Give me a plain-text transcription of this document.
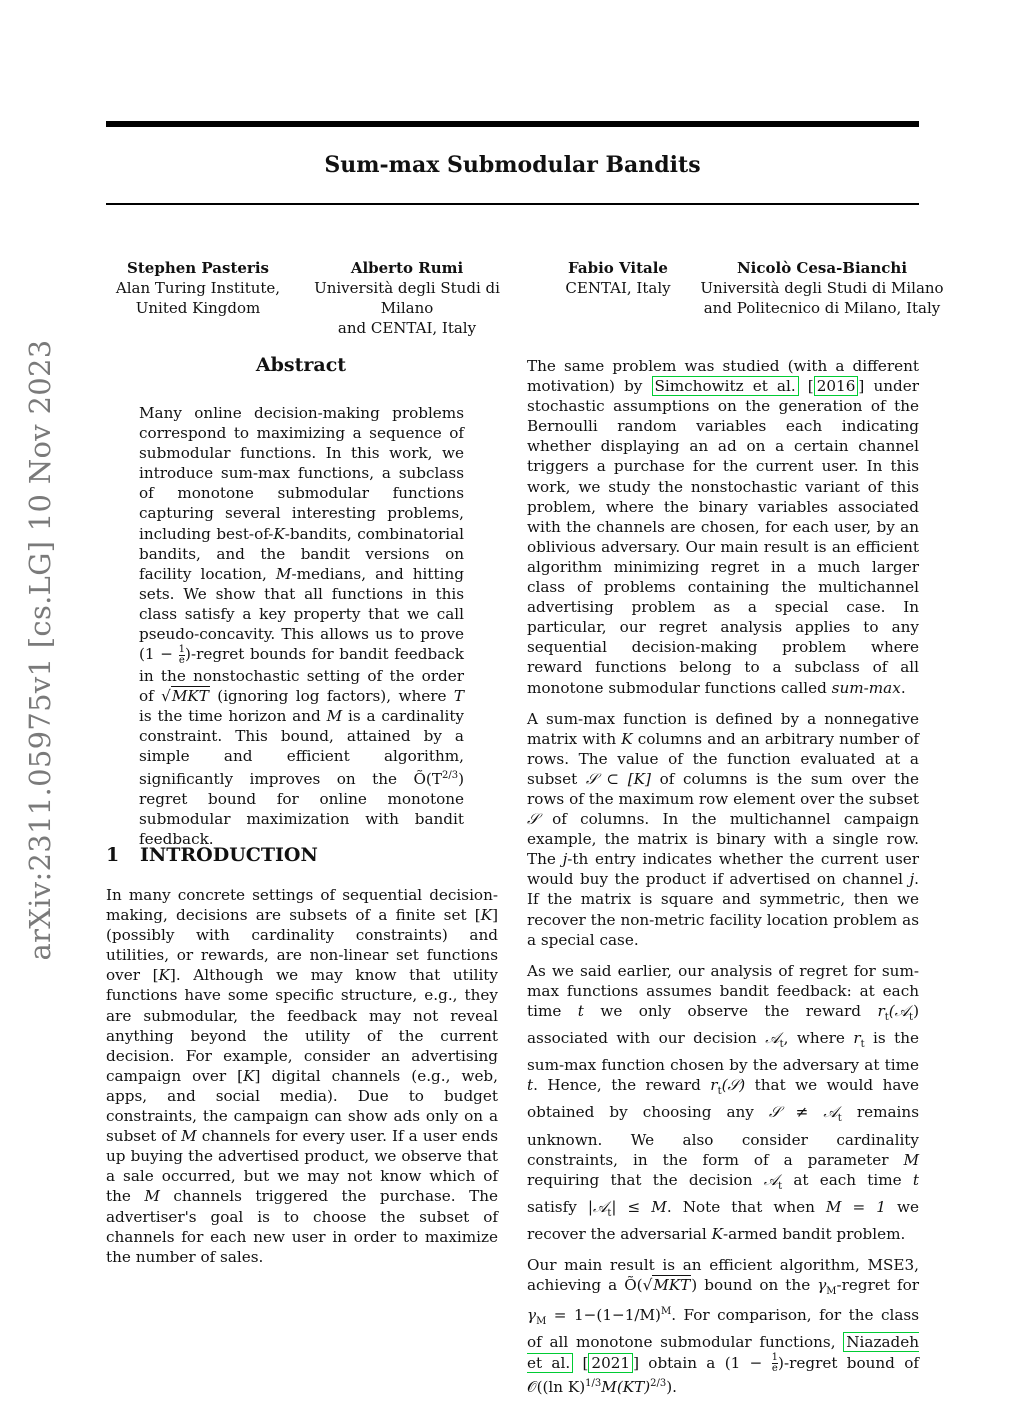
Sum-max Submodular Bandits
Stephen Pasteris
Alan Turing Institute,
United Kingdom
Alberto Rumi
Università degli Studi di Milano
and CENTAI, Italy
Fabio Vitale
CENTAI, Italy
Nicolò Cesa-Bianchi
Università degli Studi di Milano
and Politecnico di Milano, Italy
arXiv:2311.05975v1 [cs.LG] 10 Nov 2023	Abstract

Many online decision-making problems correspond to maximizing a sequence of submodular functions. In this work, we introduce sum-max functions, a subclass of monotone submodular functions capturing several interesting problems, including best-of-K-bandits, combinatorial bandits, and the bandit versions on facility location, M-medians, and hitting sets. We show that all functions in this class satisfy a key property that we call pseudo-concavity. This allows us to prove ($1 - \frac{1}{e}$ )-regret bounds for bandit feedback in the nonstochastic setting of the order of √MKT (ignoring log factors), where T is the time horizon and M is a cardinality constraint. This bound, attained by a simple and efficient algorithm, significantly improves on the $Õ(T^{2/3})$ regret bound for online monotone submodular maximization with bandit feedback.

1 INTRODUCTION

In many concrete settings of sequential decision-making, decisions are subsets of a finite set [K] (possibly with cardinality constraints) and utilities, or rewards, are non-linear set functions over [K]. Although we may know that utility functions have some specific structure, e.g., they are submodular, the feedback may not reveal anything beyond the utility of the current decision. For example, consider an advertising campaign over [K] digital channels (e.g., web, apps, and social media). Due to budget constraints, the campaign can show ads only on a subset of M channels for every user. If a user ends up buying the advertised product, we observe that a sale occurred, but we may not know which of the M channels triggered the purchase. The advertiser's goal is to choose the subset of channels for each new user in order to maximize the number of sales.

The same problem was studied (with a different motivation) by Simchowitz et al. [ 2016 ] under stochastic assumptions on the generation of the Bernoulli random variables each indicating whether displaying an ad on a certain channel triggers a purchase for the current user. In this work, we study the nonstochastic variant of this problem, where the binary variables associated with the channels are chosen, for each user, by an oblivious adversary. Our main result is an efficient algorithm minimizing regret in a much larger class of problems containing the multichannel advertising problem as a special case. In particular, our regret analysis applies to any sequential decision-making problem where reward functions belong to a subclass of all monotone submodular functions called sum-max.

A sum-max function is defined by a nonnegative matrix with K columns and an arbitrary number of rows. The value of the function evaluated at a subset 𝒮 ⊂ [K] of columns is the sum over the rows of the maximum row element over the subset 𝒮 of columns. In the multichannel campaign example, the matrix is binary with a single row. The j-th entry indicates whether the current user would buy the product if advertised on channel j. If the matrix is square and symmetric, then we recover the non-metric facility location problem as a special case.

As we said earlier, our analysis of regret for sum-max functions assumes bandit feedback: at each time t we only observe the reward $r_t(𝒜_t)$ associated with our decision 𝒜$_t$, where $r_t$ is the sum-max function chosen by the adversary at time t. Hence, the reward $r_t(𝒮)$ that we would have obtained by choosing any 𝒮 ≠ 𝒜$_t$ remains unknown. We also consider cardinality constraints, in the form of a parameter M requiring that the decision 𝒜$_t$ at each time t satisfy |𝒜$_t$| ≤ M. Note that when M = 1 we recover the adversarial K-armed bandit problem.

Our main result is an efficient algorithm, MSE3, achieving a Õ(√MKT) bound on the $\gamma_M$-regret for $\gamma_M = 1-(1-1/M)^M$. For comparison, for the class of all monotone submodular functions, Niazadeh et al. [ 2021 ] obtain a ($1 - \frac{1}{e}$ )-regret bound of 𝒪((ln K)$^{1/3}$M(KT)$^{2/3}$).
